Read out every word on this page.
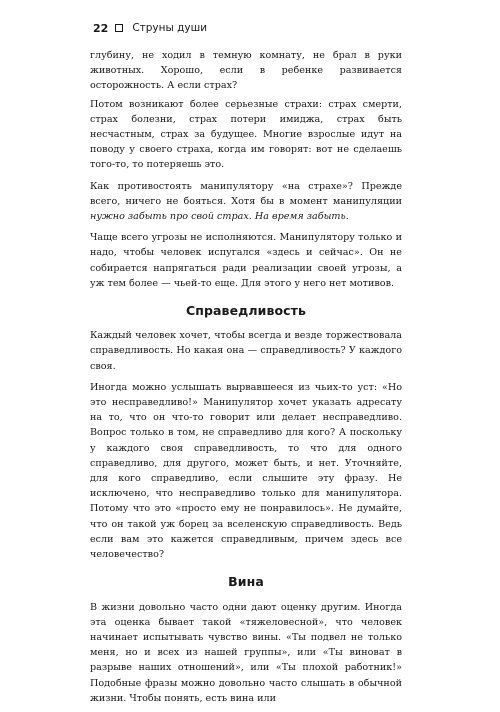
22 Струны души

глубину, не ходил в темную комнату, не брал в руки животных. Хорошо, если в ребенке развивается осторожность. А если страх?

Потом возникают более серьезные страхи: страх смерти, страх болезни, страх потери имиджа, страх быть несчастным, страх за будущее. Многие взрослые идут на поводу у своего страха, когда им говорят: вот не сделаешь того-то, то потеряешь это.

Как противостоять манипулятору «на страхе»? Прежде всего, ничего не бояться. Хотя бы в момент манипуляции нужно забыть про свой страх. На время забыть.

Чаще всего угрозы не исполняются. Манипулятору только и надо, чтобы человек испугался «здесь и сейчас». Он не собирается напрягаться ради реализации своей угрозы, а уж тем более — чьей-то еще. Для этого у него нет мотивов.

Справедливость

Каждый человек хочет, чтобы всегда и везде торжествовала справедливость. Но какая она — справедливость? У каждого своя.

Иногда можно услышать вырвавшееся из чьих-то уст: «Но это несправедливо!» Манипулятор хочет указать адресату на то, что он что-то говорит или делает несправедливо. Вопрос только в том, не справедливо для кого? А поскольку у каждого своя справедливость, то что для одного справедливо, для другого, может быть, и нет. Уточняйте, для кого справедливо, если слышите эту фразу. Не исключено, что несправедливо только для манипулятора. Потому что это «просто ему не понравилось». Не думайте, что он такой уж борец за вселенскую справедливость. Ведь если вам это кажется справедливым, причем здесь все человечество?

Вина

В жизни довольно часто одни дают оценку другим. Иногда эта оценка бывает такой «тяжеловесной», что человек начинает испытывать чувство вины. «Ты подвел не только меня, но и всех из нашей группы», или «Ты виноват в разрыве наших отношений», или «Ты плохой работник!» Подобные фразы можно довольно часто слышать в обычной жизни. Чтобы понять, есть вина или
